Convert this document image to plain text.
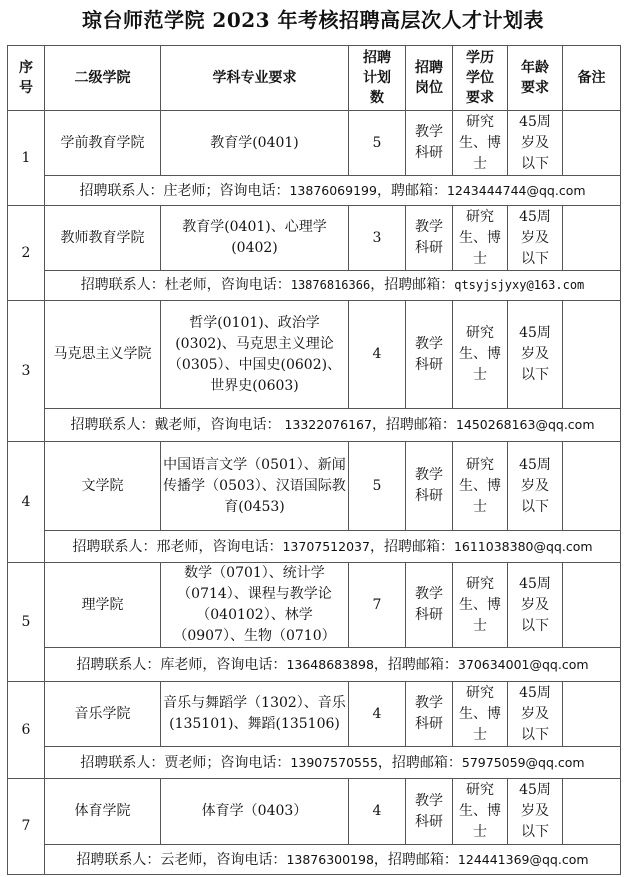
琼台师范学院 2023 年考核招聘高层次人才计划表
序号	二级学院	学科专业要求	招聘计划数	招聘岗位	学历学位要求	年龄要求	备注
1	学前教育学院	教育学(0401)	5	教学科研	研究生、博士	45周岁及以下	

	招聘联系人：庄老师；咨询电话：13876069199，聘邮箱：1243444744@qq.com						
2	教师教育学院	教育学(0401)、心理学(0402)	3	教学科研	研究生、博士	45周岁及以下	

	招聘联系人：杜老师，咨询电话：13876816366，招聘邮箱：qtsyjsjyxy@163.com						
3	马克思主义学院	哲学(0101)、政治学(0302)、马克思主义理论（0305）、中国史(0602)、世界史(0603)	4	教学科研	研究生、博士	45周岁及以下	

	招聘联系人：戴老师，咨询电话： 13322076167，招聘邮箱：1450268163@qq.com						
4	文学院	中国语言文学（0501）、新闻传播学（0503）、汉语国际教育(0453)	5	教学科研	研究生、博士	45周岁及以下	

	招聘联系人：邢老师，咨询电话：13707512037，招聘邮箱：1611038380@qq.com						
5	理学院	数学（0701）、统计学（0714）、课程与教学论（040102）、林学（0907）、生物（0710）	7	教学科研	研究生、博士	45周岁及以下	

	招聘联系人：库老师，咨询电话：13648683898，招聘邮箱：370634001@qq.com						
6	音乐学院	音乐与舞蹈学（1302）、音乐(135101)、舞蹈(135106)	4	教学科研	研究生、博士	45周岁及以下	

	招聘联系人：贾老师；咨询电话：13907570555，招聘邮箱：57975059@qq.com						
7	体育学院	体育学（0403）	4	教学科研	研究生、博士	45周岁及以下	

	招聘联系人：云老师，咨询电话：13876300198，招聘邮箱：124441369@qq.com						
